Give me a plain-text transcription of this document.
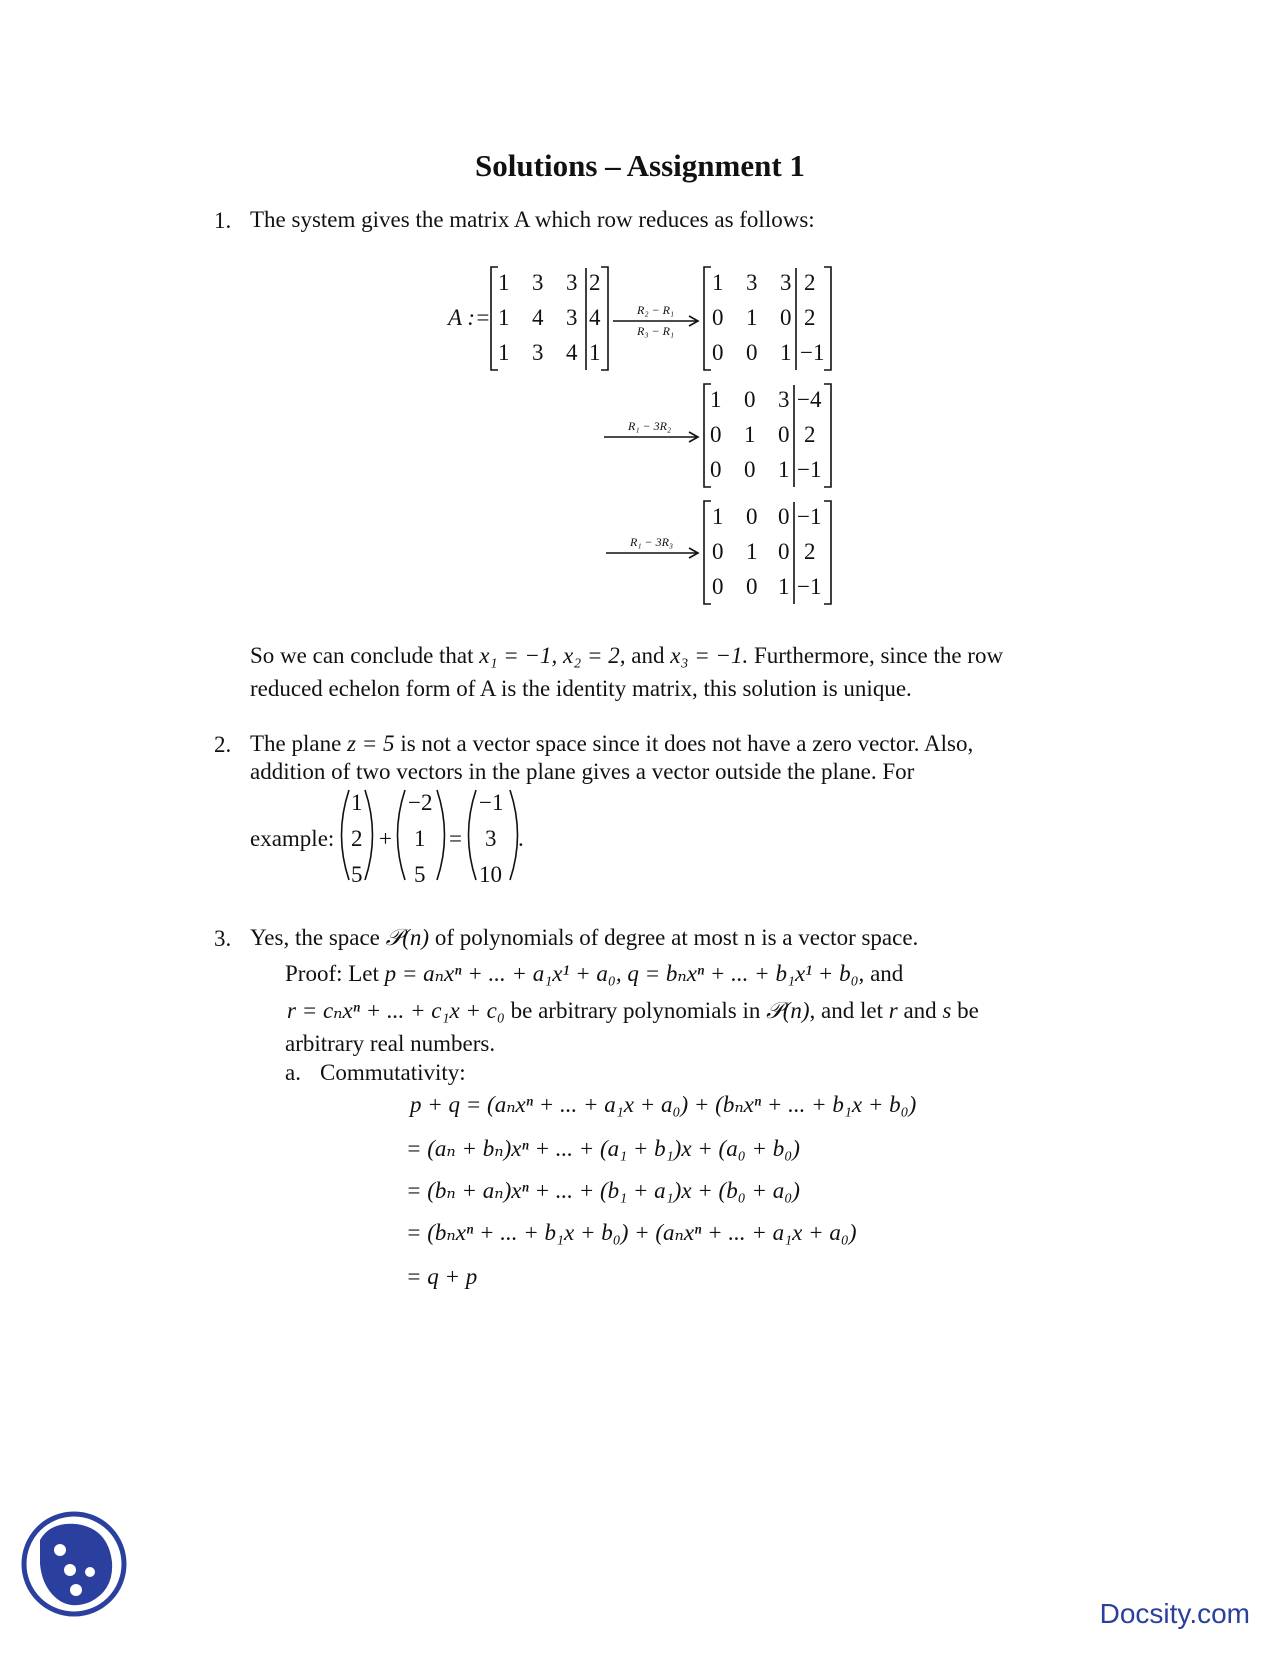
Solutions – Assignment 1
1. The system gives the matrix A which row reduces as follows:
A :=
1 3 3 2
1 4 3 4
1 3 4 1
R₂ − R₁
R₃ − R₁
1 3 3 2
0 1 0 2
0 0 1 −1
R₁ − 3R₂
1 0 3 −4
0 1 0 2
0 0 1 −1
R₁ − 3R₃
1 0 0 −1
0 1 0 2
0 0 1 −1
So we can conclude that x₁ = −1, x₂ = 2, and x₃ = −1. Furthermore, since the row
reduced echelon form of A is the identity matrix, this solution is unique.
2. The plane z = 5 is not a vector space since it does not have a zero vector. Also,
addition of two vectors in the plane gives a vector outside the plane. For
example:
1
2
5
+
−2
1
5
=
−1
3
10
.
3. Yes, the space 𝒫(n) of polynomials of degree at most n is a vector space.
Proof: Let p = aₙxⁿ + ... + a₁x¹ + a₀, q = bₙxⁿ + ... + b₁x¹ + b₀, and
r = cₙxⁿ + ... + c₁x + c₀ be arbitrary polynomials in 𝒫(n), and let r and s be
arbitrary real numbers.
a. Commutativity:
p + q = (aₙxⁿ + ... + a₁x + a₀) + (bₙxⁿ + ... + b₁x + b₀)
= (aₙ + bₙ)xⁿ + ... + (a₁ + b₁)x + (a₀ + b₀)
= (bₙ + aₙ)xⁿ + ... + (b₁ + a₁)x + (b₀ + a₀)
= (bₙxⁿ + ... + b₁x + b₀) + (aₙxⁿ + ... + a₁x + a₀)
= q + p
Docsity.com
